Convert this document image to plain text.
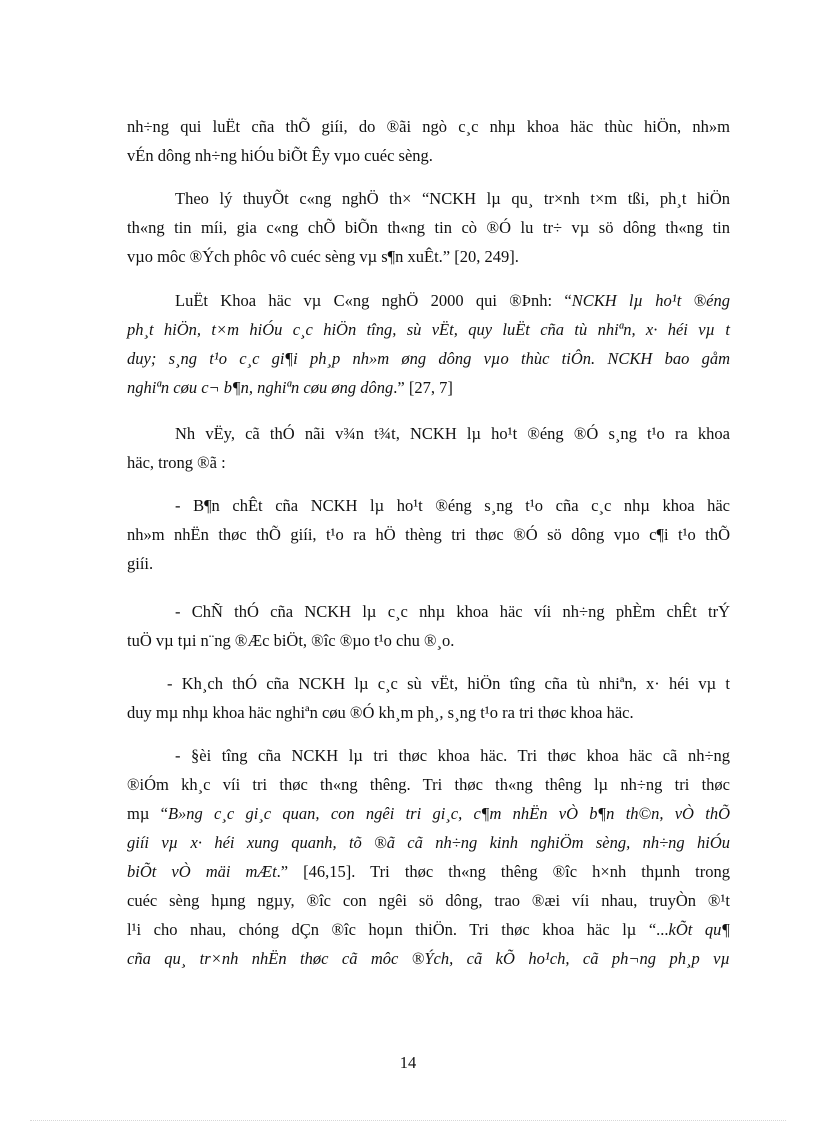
nh÷ng qui luËt cña thÕ giíi, do ®ãi ngò c¸c nhµ khoa häc thùc hiÖn, nh»m
vÉn dông nh÷ng hiÓu biÕt Êy vµo cuéc sèng.

Theo lý thuyÕt c«ng nghÖ th× “NCKH lµ qu¸ tr×nh t×m tßi, ph¸t hiÖn
th«ng tin míi, gia c«ng chÕ biÕn th«ng tin cò ®Ó lu tr÷ vµ sö dông th«ng tin
vµo môc ®Ých phôc vô cuéc sèng vµ s¶n xuÊt.” [20, 249].

LuËt Khoa häc vµ C«ng nghÖ 2000 qui ®Þnh: “NCKH lµ ho¹t ®éng
ph¸t hiÖn, t×m hiÓu c¸c hiÖn tîng, sù vËt, quy luËt cña tù nhiªn, x· héi vµ t
duy; s¸ng t¹o c¸c gi¶i ph¸p nh»m øng dông vµo thùc tiÔn. NCKH bao gåm
nghiªn cøu c¬ b¶n, nghiªn cøu øng dông.” [27, 7]

Nh vËy, cã thÓ nãi v¾n t¾t, NCKH lµ ho¹t ®éng ®Ó s¸ng t¹o ra khoa
häc, trong ®ã :

- B¶n chÊt cña NCKH lµ ho¹t ®éng s¸ng t¹o cña c¸c nhµ khoa häc
nh»m nhËn thøc thÕ giíi, t¹o ra hÖ thèng tri thøc ®Ó sö dông vµo c¶i t¹o thÕ
giíi.

- ChÑ thÓ cña NCKH lµ c¸c nhµ khoa häc víi nh÷ng phÈm chÊt trÝ
tuÖ vµ tµi n¨ng ®Æc biÖt, ®îc ®µo t¹o chu ®¸o.

- Kh¸ch thÓ cña NCKH lµ c¸c sù vËt, hiÖn tîng cña tù nhiªn, x· héi vµ t
duy mµ nhµ khoa häc nghiªn cøu ®Ó kh¸m ph¸, s¸ng t¹o ra tri thøc khoa häc.

- §èi tîng cña NCKH lµ tri thøc khoa häc. Tri thøc khoa häc cã nh÷ng
®iÓm kh¸c víi tri thøc th«ng thêng. Tri thøc th«ng thêng lµ nh÷ng tri thøc
mµ “B»ng c¸c gi¸c quan, con ngêi tri gi¸c, c¶m nhËn vÒ b¶n th©n, vÒ thÕ
giíi vµ x· héi xung quanh, tõ ®ã cã nh÷ng kinh nghiÖm sèng, nh÷ng hiÓu
biÕt vÒ mäi mÆt.” [46,15]. Tri thøc th«ng thêng ®îc h×nh thµnh trong
cuéc sèng hµng ngµy, ®îc con ngêi sö dông, trao ®æi víi nhau, truyÒn ®¹t
l¹i cho nhau, chóng dÇn ®îc hoµn thiÖn. Tri thøc khoa häc lµ “...kÕt qu¶
cña qu¸ tr×nh nhËn thøc cã môc ®Ých, cã kÕ ho¹ch, cã ph¬ng ph¸p vµ

14
